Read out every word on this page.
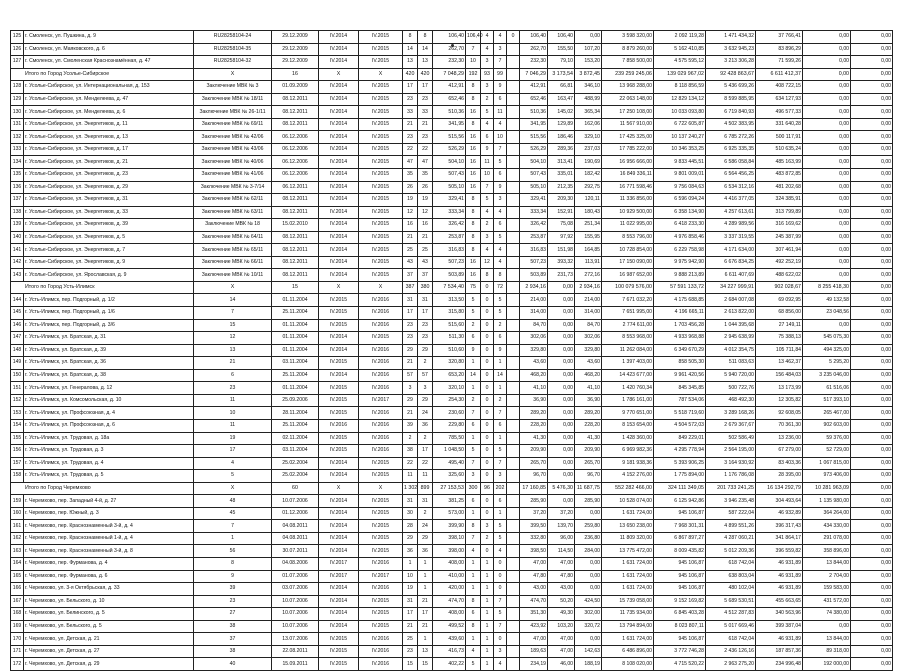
125	г. Смоленск, ул. Пушкина, д. 9	RU28258104-24	29.12.2009	IV.2014	IV.2015	8	8	106,40	106,40	4	4	0	106,40	106,40	0,00	3 598 320,00	2 092 119,28	1 471 434,32	37 766,41	0,00	0,00
126	г. Смоленск, ул. Маяковского, д. 6	RU28258104-35	29.12.2009	IV.2014	IV.2015	14	14	262,70	7	4	3		262,70	155,50	107,20	8 879 260,00	5 162 410,85	3 632 945,23	83 896,29	0,00	0,00
127	г. Смоленск, ул. Смоленская Краснознамённая, д. 47	RU28258104-32	29.12.2009	IV.2014	IV.2015	13	13	232,30	10	3	7		232,30	79,10	153,20	7 858 500,00	4 575 595,12	3 213 306,28	71 599,26	0,00	0,00
Итого по Город Усолье-Сибирское		X	16	X	X	420	420	7 048,29	192	93	99		7 046,29	3 173,54	3 872,45	239 259 245,06	139 029 967,02	92 428 863,67	6 611 412,37	0,00	0,00
128	г. Усолье-Сибирское, ул. Интернациональная, д. 153	Заключение МВК № 3	01.09.2009	IV.2014	IV.2015	17	17	412,91	8	3	9		412,91	66,81	346,10	13 968 288,00	8 118 856,59	5 436 699,26	408 722,15	0,00	0,00
129	г. Усолье-Сибирское, ул. Менделеева, д. 47	Заключение МВК № 18/11	08.12.2011	IV.2014	IV.2015	23	23	652,46	8	2	6		652,46	163,47	488,99	22 063 148,00	12 829 134,12	8 599 885,95	634 127,93	0,00	0,00
130	г. Усолье-Сибирское, ул. Менделеева, д. 6	Заключение МВК № 26-1/11	08.12.2011	IV.2014	IV.2015	33	33	510,36	16	5	11		510,36	145,02	365,34	17 250 108,00	10 033 093,80	6 719 840,93	496 577,33	0,00	0,00
131	г. Усолье-Сибирское, ул. Энергетиков, д. 11	Заключение МВК № 69/11	08.12.2011	IV.2014	IV.2015	21	21	341,95	8	4	4		341,95	129,89	162,06	11 567 910,00	6 722 605,87	4 502 383,95	331 640,28	0,00	0,00
132	г. Усолье-Сибирское, ул. Энергетиков, д. 13	Заключение МВК № 42/06	06.12.2006	IV.2014	IV.2015	23	23	515,56	16	6	10		515,56	186,46	329,10	17 425 325,00	10 137 240,27	6 785 272,26	500 117,91	0,00	0,00
133	г. Усолье-Сибирское, ул. Энергетиков, д. 17	Заключение МВК № 43/06	06.12.2006	IV.2014	IV.2015	22	22	526,29	16	9	7		526,29	289,36	237,03	17 785 222,00	10 346 353,25	6 925 335,35	510 635,24	0,00	0,00
134	г. Усолье-Сибирское, ул. Энергетиков, д. 21	Заключение МВК № 40/06	06.12.2006	IV.2014	IV.2015	47	47	504,10	16	11	5		504,10	313,41	190,69	16 956 666,00	9 833 445,51	6 586 058,84	485 163,99	0,00	0,00
135	г. Усолье-Сибирское, ул. Энергетиков, д. 23	Заключение МВК № 41/06	06.12.2006	IV.2014	IV.2015	35	35	507,43	16	10	6		507,43	335,01	182,42	16 849 336,11	9 801 009,01	6 564 456,25	483 872,85	0,00	0,00
136	г. Усолье-Сибирское, ул. Энергетиков, д. 29	Заключение МВК № 3-7/14	06.12.2011	IV.2014	IV.2015	26	26	505,10	16	7	9		505,10	212,35	292,75	16 771 598,46	9 756 084,63	6 534 312,16	481 202,68	0,00	0,00
137	г. Усолье-Сибирское, ул. Энергетиков, д. 31	Заключение МВК № 62/11	08.12.2011	IV.2014	IV.2015	19	19	329,41	8	5	3		329,41	209,30	120,11	11 336 856,00	6 596 094,24	4 416 377,05	324 385,91	0,00	0,00
138	г. Усолье-Сибирское, ул. Энергетиков, д. 33	Заключение МВК № 63/11	08.12.2011	IV.2014	IV.2015	12	12	333,34	8	4	4		333,34	152,91	180,43	10 929 500,00	6 358 134,90	4 257 613,61	313 799,89	0,00	0,00
139	г. Усолье-Сибирское, ул. Энергетиков, д. 39	Заключение МВК № 18	15.02.2010	IV.2014	IV.2015	16	16	326,42	8	2	6		326,42	75,08	251,34	11 022 995,00	6 418 233,30	4 289 989,56	316 169,62	0,00	0,00
140	г. Усолье-Сибирское, ул. Энергетиков, д. 5	Заключение МВК № 64/11	08.12.2011	IV.2014	IV.2015	21	21	253,87	8	3	5		253,87	97,92	155,95	8 553 796,00	4 976 858,46	3 337 319,55	245 387,99	0,00	0,00
141	г. Усолье-Сибирское, ул. Энергетиков, д. 7	Заключение МВК № 65/11	08.12.2011	IV.2014	IV.2015	25	25	316,83	8	4	4		316,83	151,98	164,85	10 728 854,00	6 229 758,98	4 171 634,00	307 461,94	0,00	0,00
142	г. Усолье-Сибирское, ул. Энергетиков, д. 9	Заключение МВК № 66/11	08.12.2011	IV.2014	IV.2015	43	43	507,23	16	12	4		507,23	393,32	113,91	17 150 090,00	9 975 942,90	6 676 834,25	492 252,19	0,00	0,00
143	г. Усолье-Сибирское, ул. Ярославская, д. 9	Заключение МВК № 10/11	08.12.2011	IV.2014	IV.2015	37	37	503,89	16	8	8		503,89	231,73	272,16	16 987 652,00	9 888 213,89	6 611 407,69	488 622,02	0,00	0,00
Итого по Город Усть-Илимск		X	15	X	X	387	380	7 534,40	75	0	72		2 934,16	0,00	2 934,16	100 079 576,00	57 591 133,72	34 227 999,91	902 028,67	8 255 418,30	0,00
144	г. Усть-Илимск, пер. Подгорный, д. 1/2	14	01.11.2004	IV.2015	IV.2016	31	31	313,50	5	0	5		214,00	0,00	214,00	7 671 032,20	4 175 688,85	2 684 007,08	69 092,95	49 132,58	0,00
145	г. Усть-Илимск, пер. Подгорный, д. 1/6	7	25.11.2004	IV.2015	IV.2016	17	17	315,80	5	0	5		314,00	0,00	314,00	7 651 995,00	4 196 665,11	2 613 822,00	68 856,00	23 048,56	0,00
146	г. Усть-Илимск, пер. Подгорный, д. 3/6	15	01.11.2004	IV.2015	IV.2016	23	23	515,60	2	0	2		84,70	0,00	84,70	2 774 611,00	1 703 456,28	1 044 395,68	27 149,11	0,00	0,00
147	г. Усть-Илимск, ул. Братская, д. 31	12	01.11.2004	IV.2014	IV.2015	23	23	511,30	6	0	6		302,06	0,00	302,06	8 553 968,00	4 933 968,88	2 945 638,99	75 388,13	545 075,30	0,00
148	г. Усть-Илимск, ул. Братская, д. 39	13	01.11.2004	IV.2014	IV.2016	29	29	510,60	9	0	9		329,80	0,00	329,80	11 262 084,00	6 349 670,29	4 012 354,75	105 711,84	494 325,00	0,00
149	г. Усть-Илимск, ул. Братская, д. 36	21	03.11.2004	IV.2015	IV.2016	21	2	320,80	1	0	1		43,60	0,00	43,60	1 397 403,00	858 505,30	511 083,63	13 462,37	5 295,20	0,00
150	г. Усть-Илимск, ул. Братская, д. 38	6	25.11.2004	IV.2014	IV.2016	57	57	653,20	14	0	14		468,20	0,00	468,20	14 423 677,00	9 961 420,56	5 940 720,00	156 484,03	3 235 046,00	0,00
151	г. Усть-Илимск, ул. Генералова, д. 12	23	01.11.2004	IV.2015	IV.2016	3	3	320,10	1	0	1		41,10	0,00	41,10	1 420 760,34	845 345,85	500 722,76	13 173,99	61 516,06	0,00
152	г. Усть-Илимск, ул. Комсомольская, д. 10	11	25.09.2006	IV.2015	IV.2017	29	29	254,30	2	0	2		36,90	0,00	36,90	1 786 161,00	787 534,06	468 492,30	12 305,82	517 393,10	0,00
153	г. Усть-Илимск, ул. Профсоюзная, д. 4	10	28.11.2004	IV.2015	IV.2016	21	24	230,60	7	0	7		289,20	0,00	289,20	9 770 651,00	5 518 719,60	3 289 168,26	92 608,05	265 467,00	0,00
154	г. Усть-Илимск, ул. Профсоюзная, д. 6	11	25.11.2004	IV.2016	IV.2016	39	36	229,80	6	0	6		228,20	0,00	228,20	8 153 654,00	4 504 572,03	2 679 367,67	70 361,30	902 603,00	0,00
155	г. Усть-Илимск, ул. Трудовая, д. 18а	19	02.11.2004	IV.2015	IV.2016	2	2	785,50	1	0	1		41,30	0,00	41,30	1 428 360,00	849 229,01	502 586,49	13 236,00	59 376,00	0,00
156	г. Усть-Илимск, ул. Трудовая, д. 3	17	03.11.2004	IV.2015	IV.2016	38	17	1 048,50	5	0	5		209,90	0,00	209,90	6 969 982,36	4 295 778,94	2 564 195,00	67 279,00	52 729,00	0,00
157	г. Усть-Илимск, ул. Трудовая, д. 4	4	25.02.2004	IV.2014	IV.2015	22	22	495,40	7	0	7		265,70	0,00	265,70	9 181 938,36	5 393 906,25	3 164 930,92	83 403,36	1 067 815,00	0,00
158	г. Усть-Илимск, ул. Трудовая, д. 5	5	25.02.2004	IV.2014	IV.2015	11	11	325,60	3	0	3		96,70	0,00	96,70	4 152 276,00	1 775 894,00	1 176 786,08	28 395,00	973 406,00	0,00
Итого по Город Черемхово		X	60	X	X	1 302	899	27 153,53	300	96	202		17 160,85	5 476,30	11 687,75	552 282 466,00	324 111 349,05	201 733 241,25	16 134 292,79	10 281 963,09	0,00
159	г. Черемхово, пер. Западный 4-й, д. 27	48	10.07.2006	IV.2014	IV.2015	31	31	381,25	6	0	6		285,90	0,00	285,90	10 528 074,00	6 125 942,86	3 946 235,48	304 493,64	1 135 980,00	0,00
160	г. Черемхово, пер. Южный, д. 3	45	01.12.2006	IV.2014	IV.2015	30	2	573,00	1	0	1		37,20	37,20	0,00	1 631 724,00	945 106,87	587 222,04	46 932,89	364 264,00	0,00
161	г. Черемхово, пер. Краснознаменный 3-й, д. 4	7	04.08.2011	IV.2014	IV.2015	28	24	399,90	8	3	5		399,50	139,70	259,80	13 650 238,00	7 968 301,31	4 899 551,26	396 317,43	434 330,00	0,00
162	г. Черемхово, пер. Краснознаменный 1-й, д. 4	1	04.08.2011	IV.2014	IV.2015	29	29	398,10	7	2	5		332,80	96,00	236,80	11 809 320,00	6 867 897,27	4 287 060,21	341 864,17	291 078,00	0,00
163	г. Черемхово, пер. Краснознаменный 3-й, д. 8	56	30.07.2011	IV.2014	IV.2015	36	36	398,00	4	0	4		398,50	114,50	284,00	13 775 472,00	8 009 435,82	5 012 209,36	396 559,82	358 896,00	0,00
164	г. Черемхово, пер. Фурманова, д. 4	8	04.08.2006	IV.2017	IV.2016	1	1	408,00	1	1	0		47,00	47,00	0,00	1 631 724,00	945 106,87	618 742,04	46 931,89	13 844,00	0,00
165	г. Черемхово, пер. Фурманова, д. 6	9	01.07.2006	IV.2017	IV.2017	10	1	410,00	1	1	0		47,80	47,80	0,00	1 631 724,00	945 106,87	638 803,04	46 931,89	2 704,00	0,00
166	г. Черемхово, ул. 3-я Октябрьская, д. 33	39	03.07.2006	IV.2014	IV.2016	19	1	420,00	1	1	0		43,00	43,00	0,00	1 631 724,00	945 106,87	480 102,04	46 931,89	159 583,00	0,00
167	г. Черемхово, ул. Бельского, д. 10	23	10.07.2006	IV.2014	IV.2015	31	21	474,70	8	1	7		474,70	50,20	424,50	15 739 058,00	9 152 169,82	5 689 530,51	455 663,65	431 572,00	0,00
168	г. Черемхово, ул. Белинского, д. 5	27	10.07.2006	IV.2014	IV.2015	17	17	408,00	6	1	5		351,30	49,30	302,00	11 735 934,00	6 845 403,28	4 512 287,83	340 563,96	74 380,00	0,00
169	г. Черемхово, ул. Бельского, д. 5	38	10.07.2006	IV.2014	IV.2015	21	21	499,52	8	1	7		423,92	103,20	320,72	13 794 894,00	8 023 807,11	5 017 669,46	399 387,04	0,00	0,00
170	г. Черемхово, ул. Детская, д. 21	37	13.07.2006	IV.2015	IV.2016	25	1	439,60	1	1	0		47,00	47,00	0,00	1 631 724,00	945 106,87	618 742,04	46 931,89	13 844,00	0,00
171	г. Черемхово, ул. Детская, д. 27	38	22.08.2011	IV.2015	IV.2016	23	13	416,73	4	1	3		189,63	47,00	142,63	6 486 896,00	3 772 746,28	2 436 126,16	187 857,36	89 318,00	0,00
172	г. Черемхово, ул. Детская, д. 29	40	15.09.2011	IV.2015	IV.2016	15	15	402,22	5	1	4		234,19	46,00	188,19	8 108 020,00	4 715 520,22	2 963 275,20	234 996,48	192 000,00	0,00
